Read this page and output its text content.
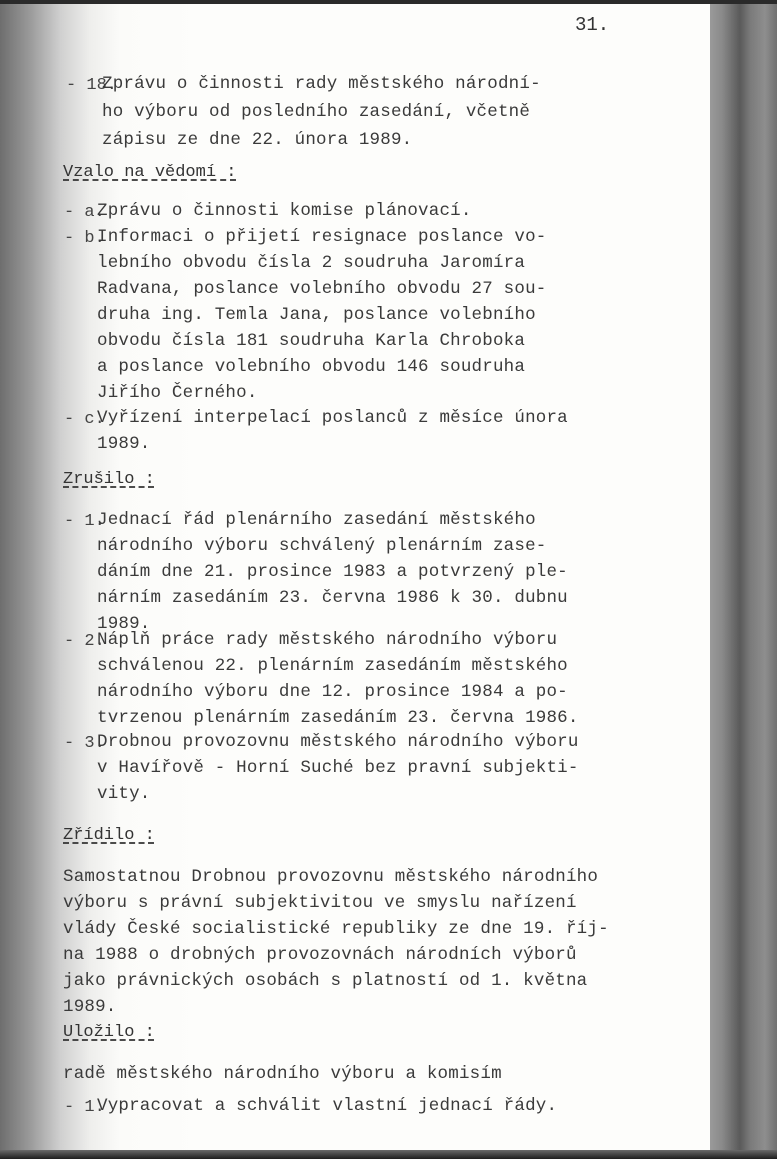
31.
- 18.
Zprávu o činnosti rady městského národní-
ho výboru od posledního zasedání, včetně
zápisu ze dne 22. února 1989.
Vzalo na vědomí :
- a.
Zprávu o činnosti komise plánovací.
- b.
Informaci o přijetí resignace poslance vo-
lebního obvodu čísla 2 soudruha Jaromíra
Radvana, poslance volebního obvodu 27 sou-
druha ing. Temla Jana, poslance volebního
obvodu čísla 181 soudruha Karla Chroboka
a poslance volebního obvodu 146 soudruha
Jiřího Černého.
- c.
Vyřízení interpelací poslanců z měsíce února
1989.
Zrušilo :
- 1.
Jednací řád plenárního zasedání městského
národního výboru schválený plenárním zase-
dáním dne 21. prosince 1983 a potvrzený ple-
nárním zasedáním 23. června 1986 k 30. dubnu
1989.
- 2.
Náplň práce rady městského národního výboru
schválenou 22. plenárním zasedáním městského
národního výboru dne 12. prosince 1984 a po-
tvrzenou plenárním zasedáním 23. června 1986.
- 3.
Drobnou provozovnu městského národního výboru
v Havířově - Horní Suché bez pravní subjekti-
vity.
Zřídilo :
Samostatnou Drobnou provozovnu městského národního
výboru s právní subjektivitou ve smyslu nařízení
vlády České socialistické republiky ze dne 19. říj-
na 1988 o drobných provozovnách národních výborů
jako právnických osobách s platností od 1. května
1989.
Uložilo :
radě městského národního výboru a komisím
- 1.
Vypracovat a schválit vlastní jednací řády.
